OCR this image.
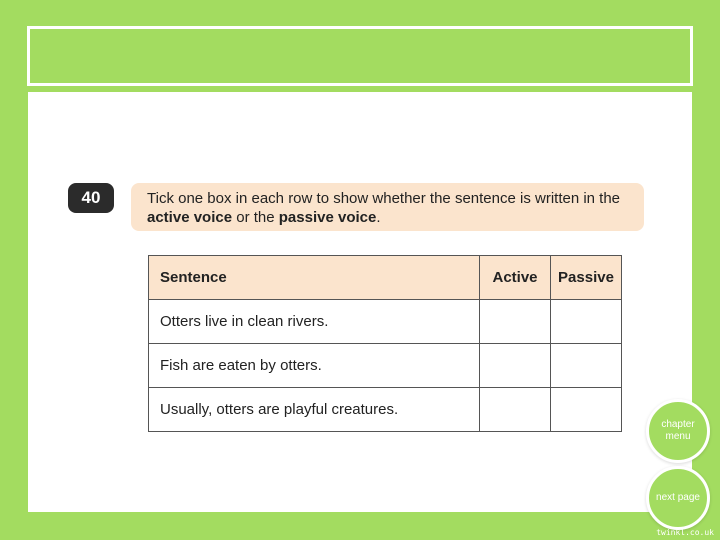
40	Tick one box in each row to show whether the sentence is written in the active voice or the passive voice.
Sentence	Active	Passive
Otters live in clean rivers.		
Fish are eaten by otters.		
Usually, otters are playful creatures.		
chapter menu
next page
twinkl.co.uk
